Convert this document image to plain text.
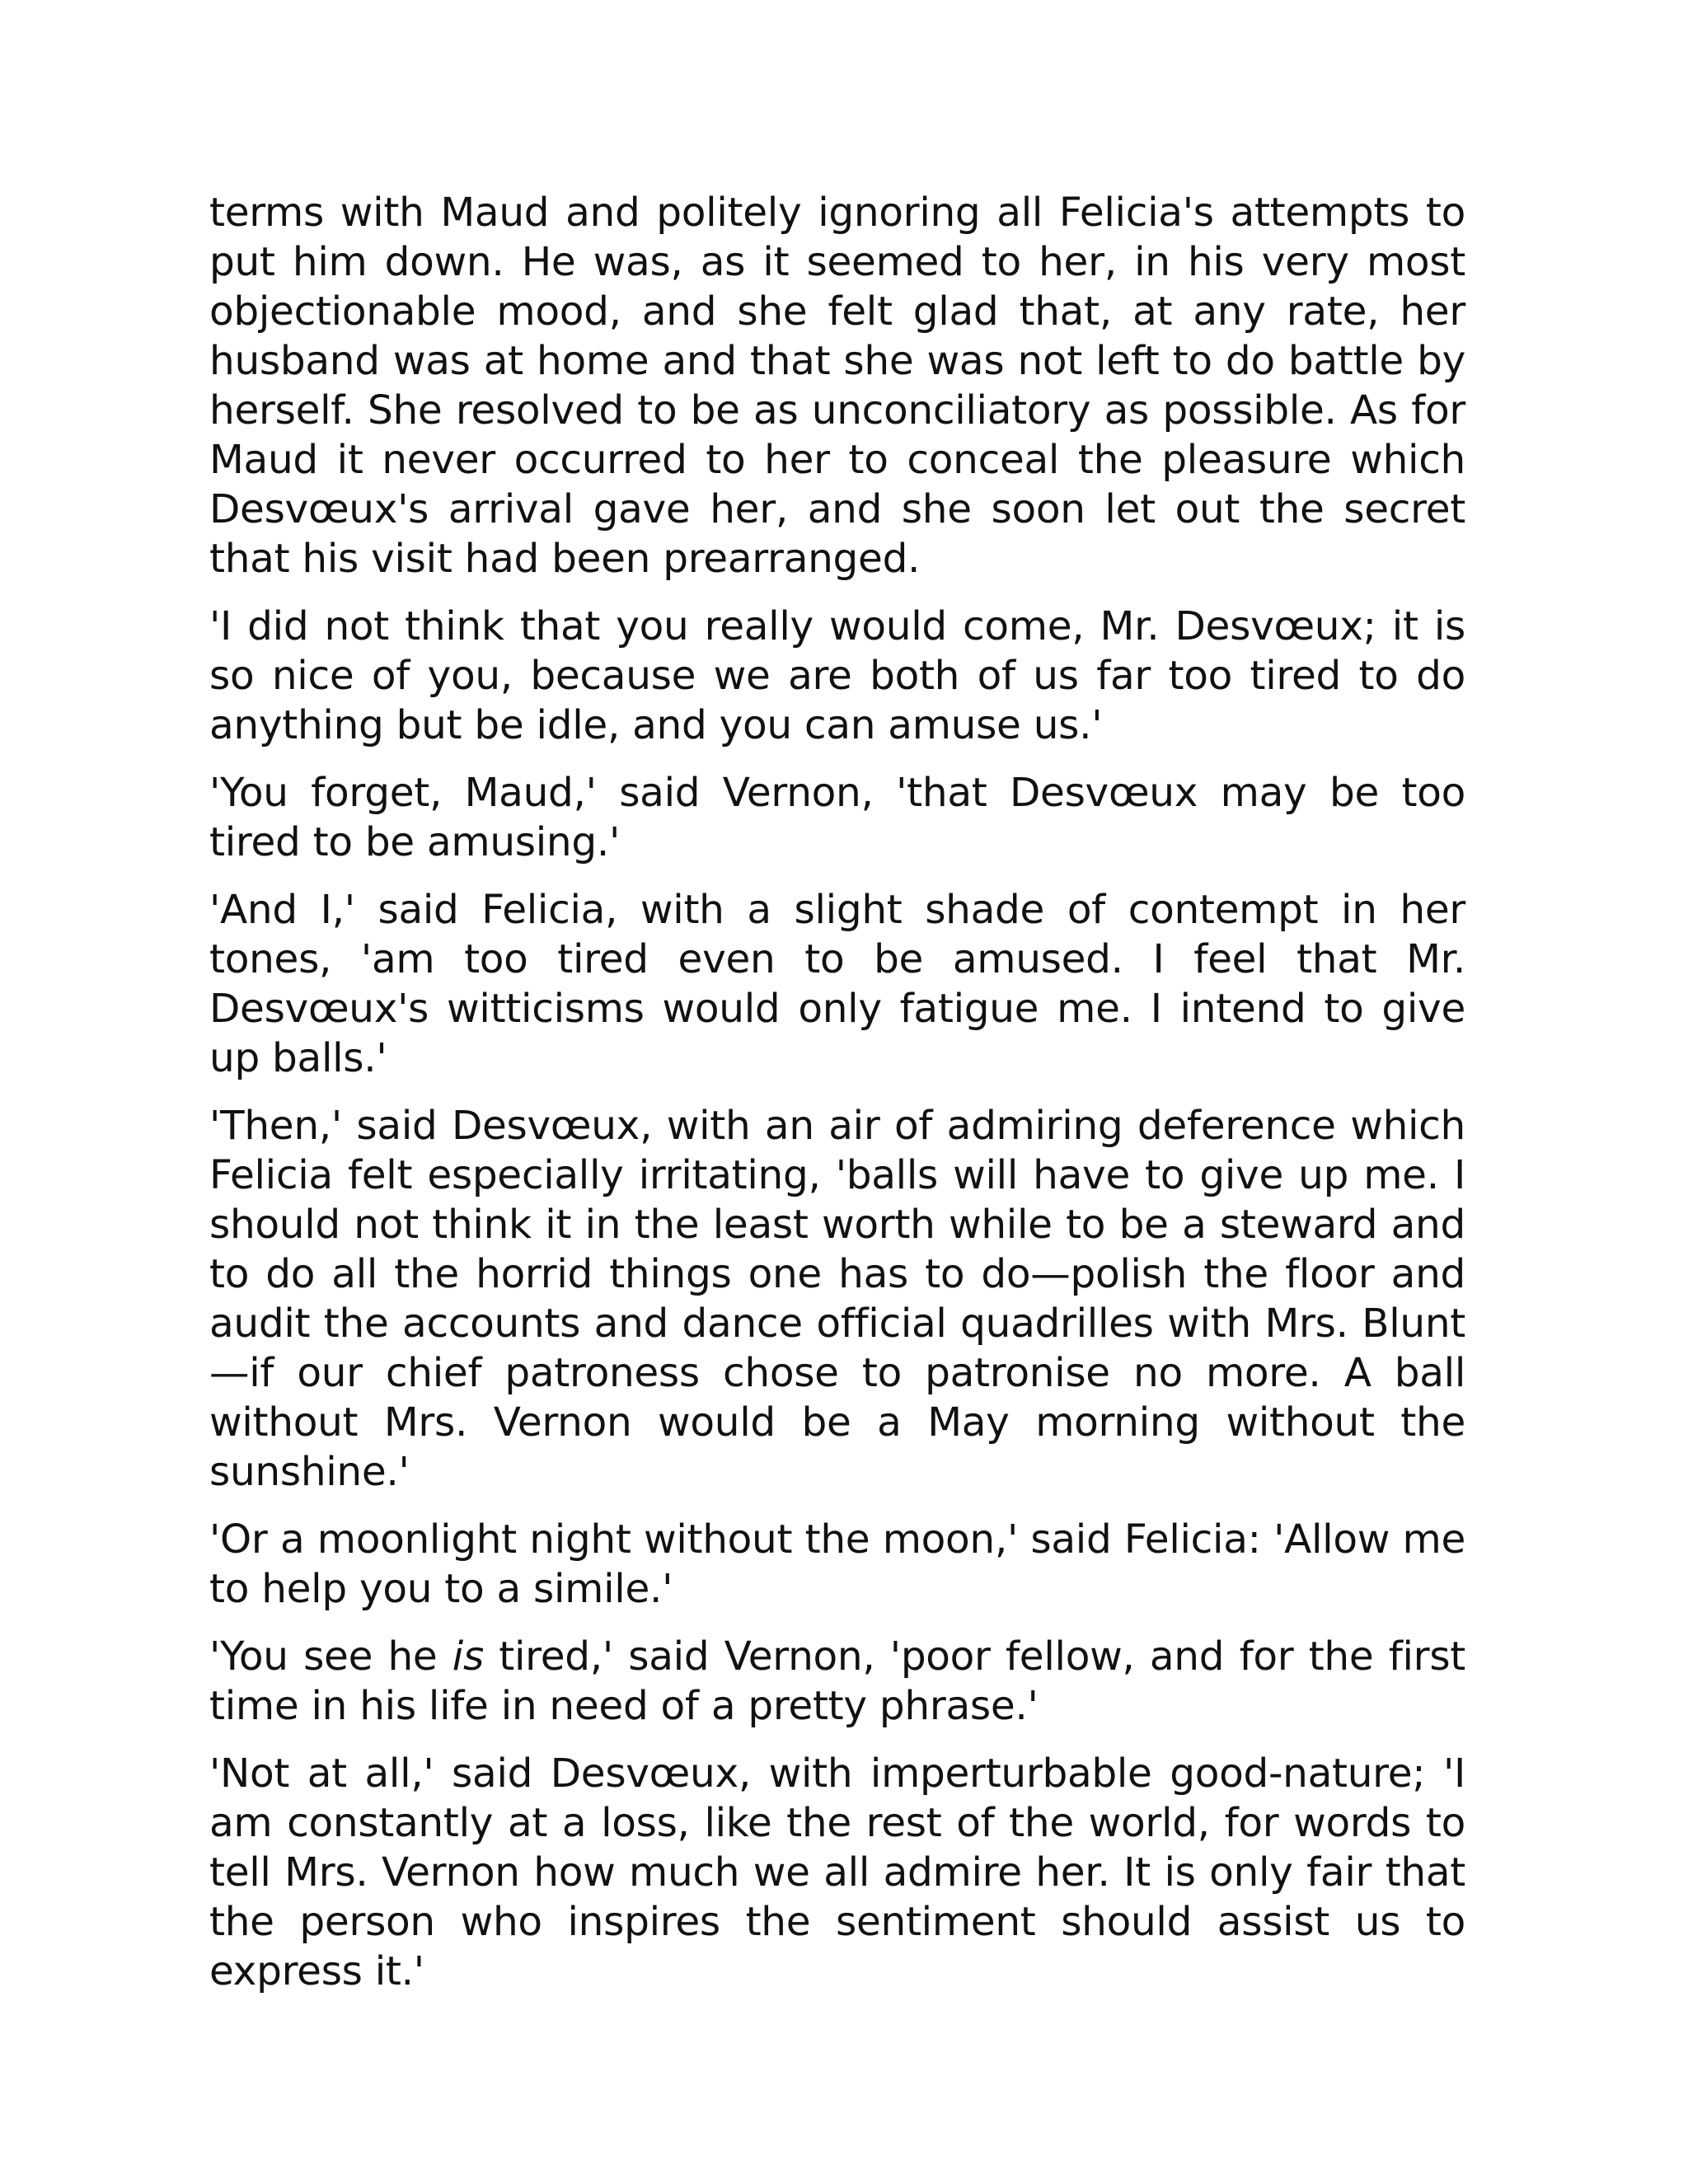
terms with Maud and politely ignoring all Felicia's attempts to put him down. He was, as it seemed to her, in his very most objectionable mood, and she felt glad that, at any rate, her husband was at home and that she was not left to do battle by herself. She resolved to be as unconciliatory as possible. As for Maud it never occurred to her to conceal the pleasure which Desvœux's arrival gave her, and she soon let out the secret that his visit had been prearranged.

'I did not think that you really would come, Mr. Desvœux; it is so nice of you, because we are both of us far too tired to do anything but be idle, and you can amuse us.'

'You forget, Maud,' said Vernon, 'that Desvœux may be too tired to be amusing.'

'And I,' said Felicia, with a slight shade of contempt in her tones, 'am too tired even to be amused. I feel that Mr. Desvœux's witticisms would only fatigue me. I intend to give up balls.'

'Then,' said Desvœux, with an air of admiring deference which Felicia felt especially irritating, 'balls will have to give up me. I should not think it in the least worth while to be a steward and to do all the horrid things one has to do—polish the floor and audit the accounts and dance official quadrilles with Mrs. Blunt—if our chief patroness chose to patronise no more. A ball without Mrs. Vernon would be a May morning without the sunshine.'

'Or a moonlight night without the moon,' said Felicia: 'Allow me to help you to a simile.'

'You see he is tired,' said Vernon, 'poor fellow, and for the first time in his life in need of a pretty phrase.'

'Not at all,' said Desvœux, with imperturbable good-nature; 'I am constantly at a loss, like the rest of the world, for words to tell Mrs. Vernon how much we all admire her. It is only fair that the person who inspires the sentiment should assist us to express it.'
